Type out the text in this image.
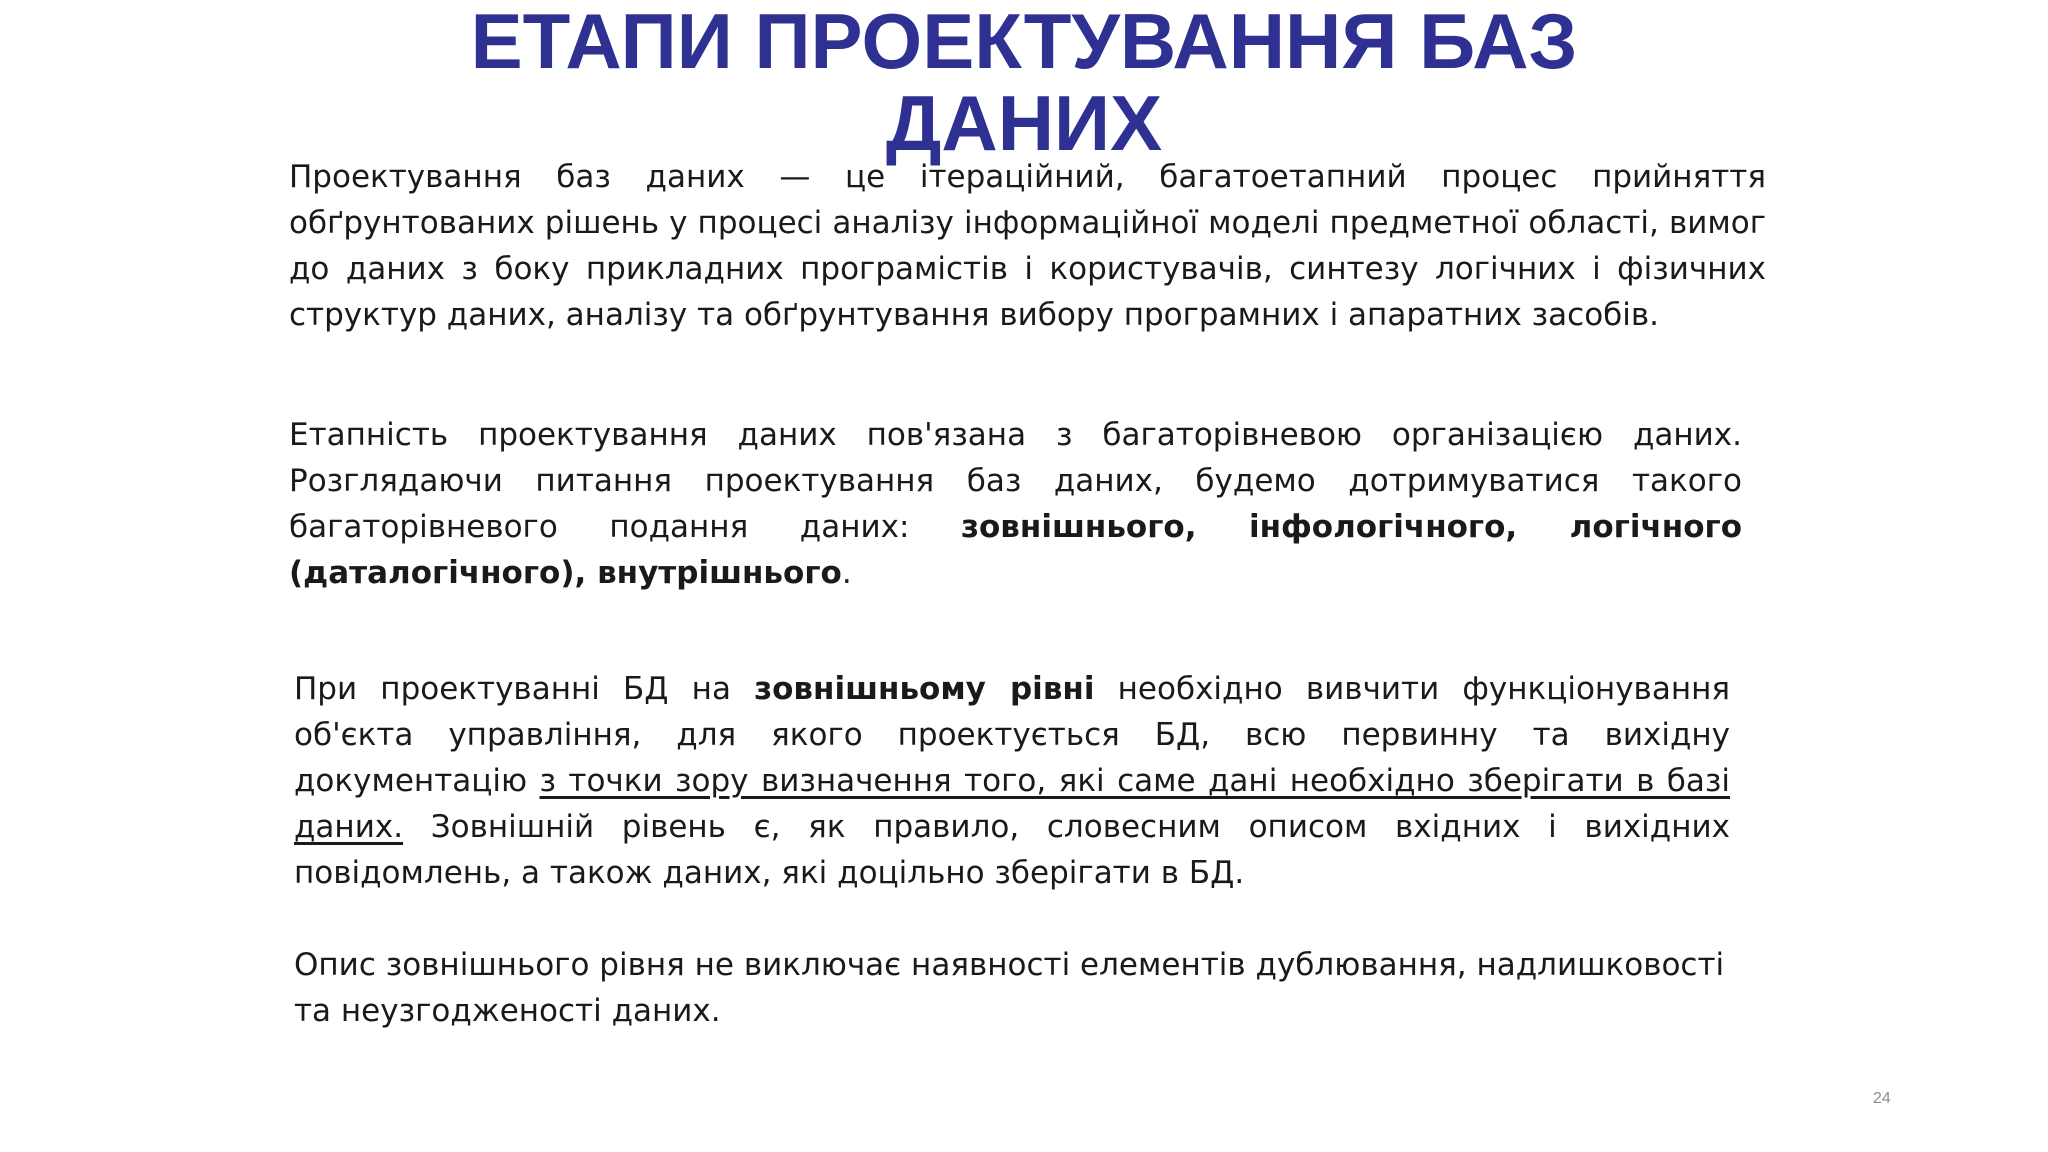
ЕТАПИ ПРОЕКТУВАННЯ БАЗ ДАНИХ

Проектування баз даних — це ітераційний, багатоетапний процес прийняття обґрунтованих рішень у процесі аналізу інформаційної моделі предметної області, вимог до даних з боку прикладних програмістів і користувачів, синтезу логічних і фізичних структур даних, аналізу та обґрунтування вибору програмних і апаратних засобів.

Етапність проектування даних пов'язана з багаторівневою організацією даних. Розглядаючи питання проектування баз даних, будемо дотримуватися такого багаторівневого подання даних: зовнішнього, інфологічного, логічного (даталогічного), внутрішнього.

При проектуванні БД на зовнішньому рівні необхідно вивчити функціонування об'єкта управління, для якого проектується БД, всю первинну та вихідну документацію з точки зору визначення того, які саме дані необхідно зберігати в базі даних. Зовнішній рівень є, як правило, словесним описом вхідних і вихідних повідомлень, а також даних, які доцільно зберігати в БД.

Опис зовнішнього рівня не виключає наявності елементів дублювання, надлишковості та неузгодженості даних.

24
